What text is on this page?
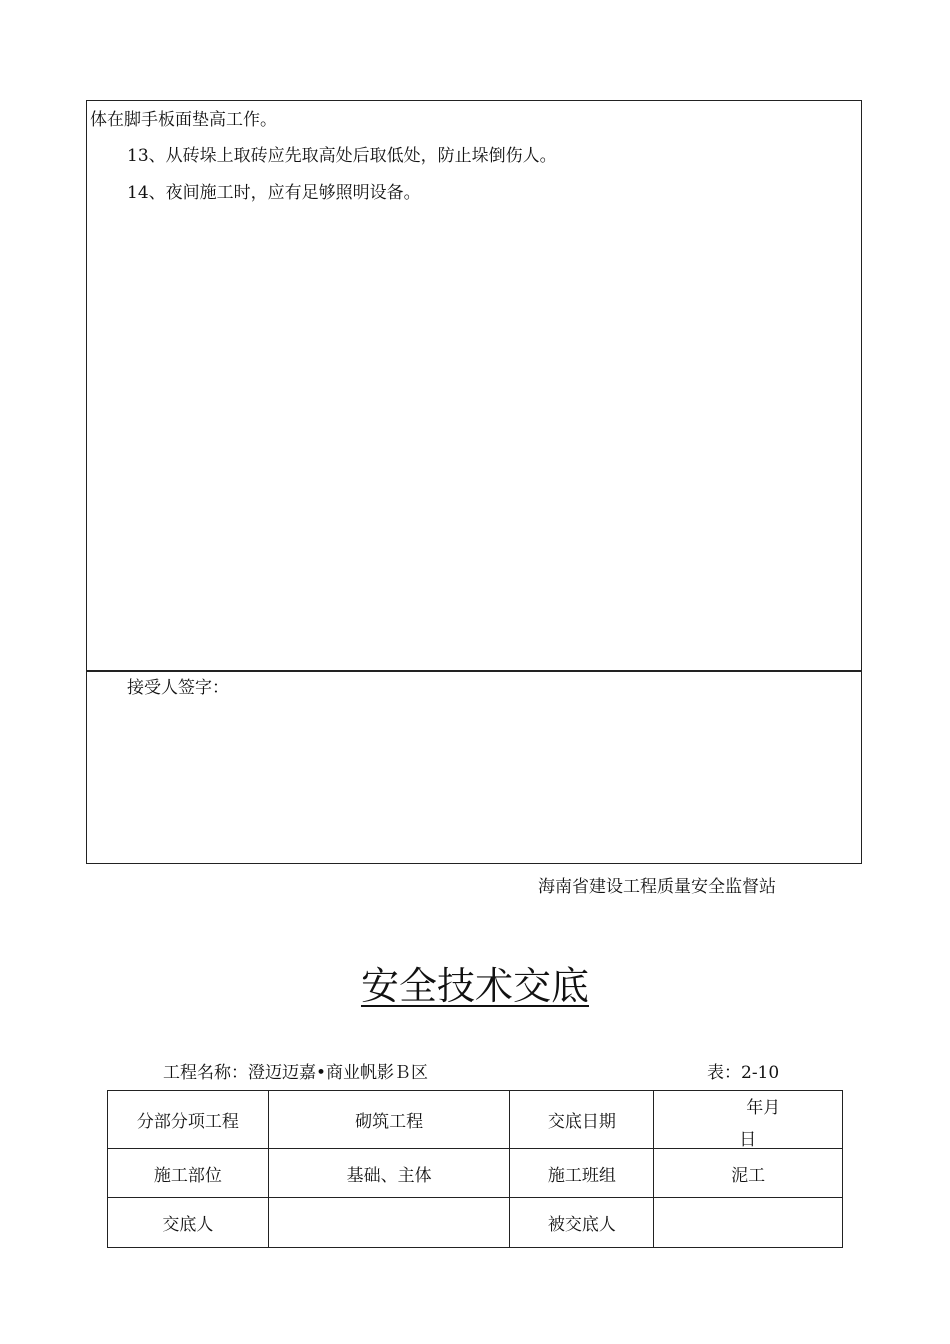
体在脚手板面垫高工作。
13、从砖垛上取砖应先取高处后取低处，防止垛倒伤人。
14、夜间施工时，应有足够照明设备。
接受人签字：
海南省建设工程质量安全监督站
安全技术交底
工程名称：澄迈迈嘉•商业帆影Ｂ区	表：2-10
分部分项工程	砌筑工程	交底日期	年月
日

施工部位	基础、主体	施工班组	泥工
交底人		被交底人	
